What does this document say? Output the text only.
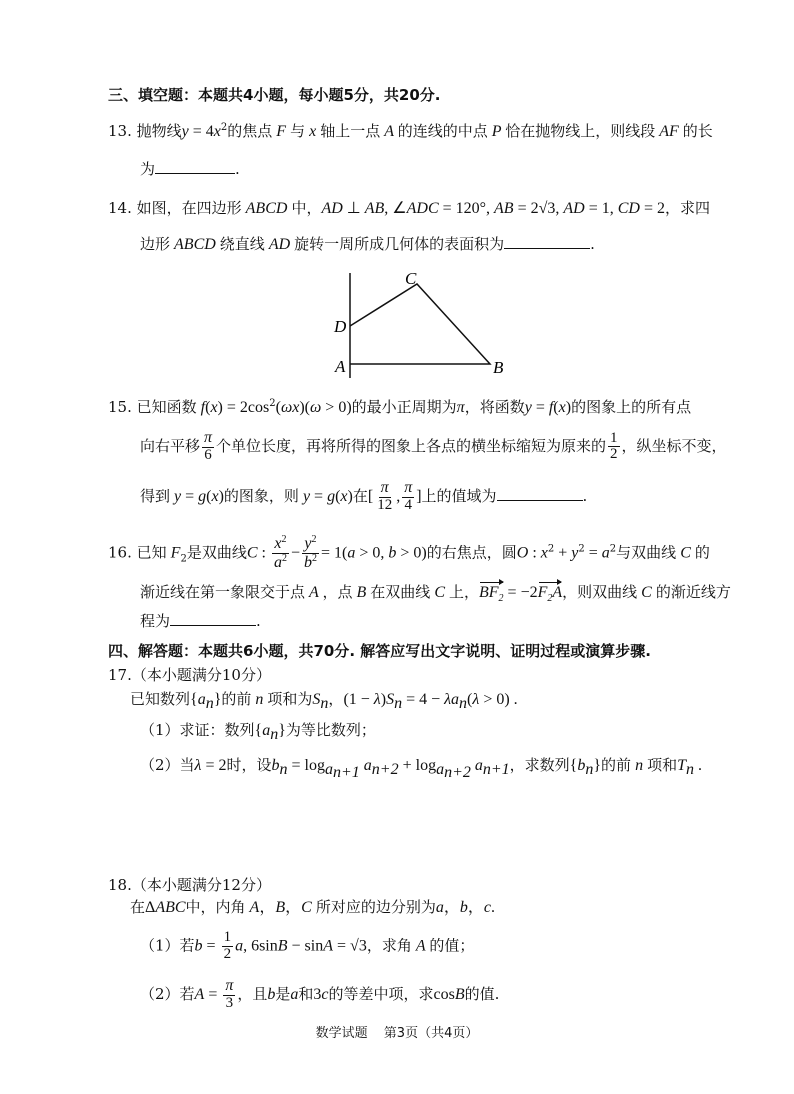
三、填空题：本题共4小题，每小题5分，共20分.
13. 抛物线$y = 4x^2$的焦点 F 与 x 轴上一点 A 的连线的中点 P 恰在抛物线上，则线段 AF 的长
为	.
14. 如图，在四边形 ABCD 中，AD ⊥ AB, ∠ADC = 120°, AB = 2√3, AD = 1, CD = 2，求四
边形 ABCD 绕直线 AD 旋转一周所成几何体的表面积为	.
C
D
A	B
15. 已知函数 $f(x) = 2\cos^2(\omega x)(\omega > 0)$的最小正周期为π，将函数y = f(x)的图象上的所有点
向右平移 $\frac{\pi}{6}$ 个单位长度，再将所得的图象上各点的横坐标缩短为原来的 $\frac{1}{2}$ ，纵坐标不变，
得到 y = g(x)的图象，则 y = g(x)在[ $\frac{\pi}{12}$ , $\frac{\pi}{4}$ ]上的值域为	.
16. 已知 $F_2$是双曲线C : $\frac{x^2}{a^2} - \frac{y^2}{b^2} = 1(a > 0$, b > 0)的右焦点，圆O : $x^2 + y^2 = a^2$与双曲线 C 的
渐近线在第一象限交于点 A ，点 B 在双曲线 C 上，$BF_2 = -2F_2A$，则双曲线 C 的渐近线方
程为	.
四、解答题：本题共6小题，共70分. 解答应写出文字说明、证明过程或演算步骤.
17.（本小题满分10分）
已知数列$\{a_n\}$的前 n 项和为$S_n$，$(1 - \lambda)S_n = 4 - \lambda a_n(\lambda > 0)$ .
（1）求证：数列$\{a_n\}$为等比数列；
（2）当λ = 2时，设$b_n = \log_{a_{n+1}} a_{n+2} + \log_{a_{n+2}} a_{n+1}$，求数列$\{b_n\}$的前 n 项和$T_n$ .
18.（本小题满分12分）
在ΔABC中，内角 A，B，C 所对应的边分别为a，b，c.
（1）若$b = \frac{1}{2} a$, 6sinB − sinA = √3，求角 A 的值；
（2）若$A = \frac{\pi}{3}$ ，且b是a和3c的等差中项，求cosB的值.
数学试题 第3页（共4页）
